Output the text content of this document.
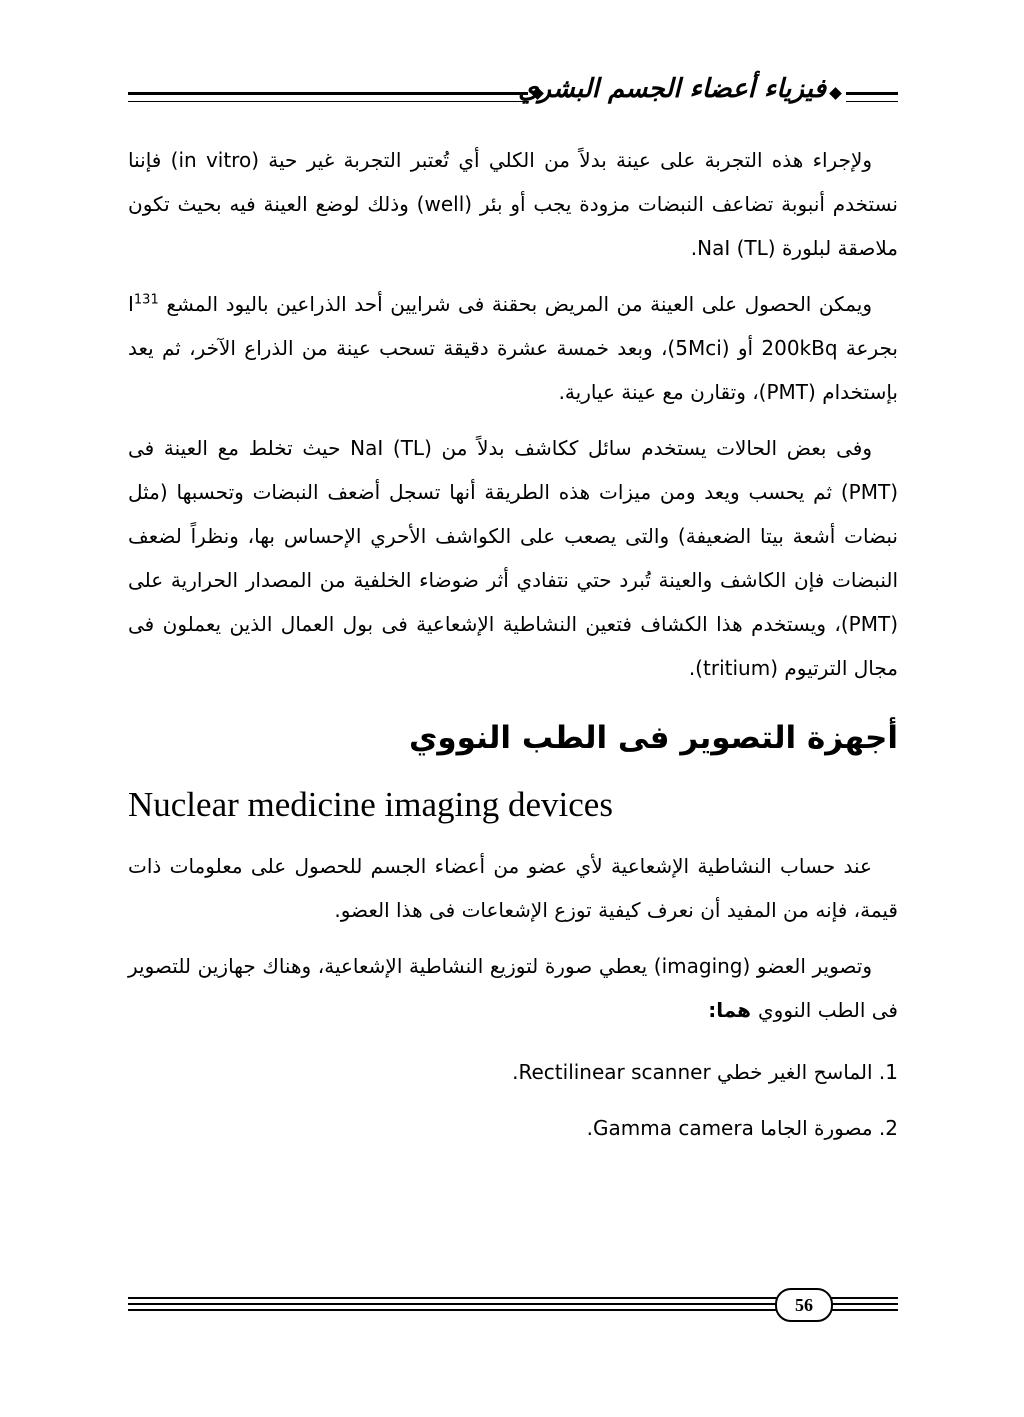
فيزياء أعضاء الجسم البشري

ولإجراء هذه التجربة على عينة بدلاً من الكلي أي تُعتبر التجربة غير حية (in vitro) فإننا نستخدم أنبوبة تضاعف النبضات مزودة يجب أو بئر (well) وذلك لوضع العينة فيه بحيث تكون ملاصقة لبلورة (NaI (TL.

ويمكن الحصول على العينة من المريض بحقنة فى شرايين أحد الذراعين باليود المشع $I^{131}$ بجرعة 200kBq أو (5Mci)، وبعد خمسة عشرة دقيقة تسحب عينة من الذراع الآخر، ثم يعد بإستخدام (PMT)، وتقارن مع عينة عيارية.

وفى بعض الحالات يستخدم سائل ككاشف بدلاً من NaI (TL) حيث تخلط مع العينة فى (PMT) ثم يحسب ويعد ومن ميزات هذه الطريقة أنها تسجل أضعف النبضات وتحسبها (مثل نبضات أشعة بيتا الضعيفة) والتى يصعب على الكواشف الأحري الإحساس بها، ونظراً لضعف النبضات فإن الكاشف والعينة تُبرد حتي نتفادي أثر ضوضاء الخلفية من المصدار الحرارية على (PMT)، ويستخدم هذا الكشاف فتعين النشاطية الإشعاعية فى بول العمال الذين يعملون فى مجال الترتيوم (tritium).

أجهزة التصوير فى الطب النووي
Nuclear medicine imaging devices

عند حساب النشاطية الإشعاعية لأي عضو من أعضاء الجسم للحصول على معلومات ذات قيمة، فإنه من المفيد أن نعرف كيفية توزع الإشعاعات فى هذا العضو.

وتصوير العضو (imaging) يعطي صورة لتوزيع النشاطية الإشعاعية، وهناك جهازين للتصوير فى الطب النووي هما:

1. الماسح الغير خطي Rectilinear scanner.

2. مصورة الجاما Gamma camera.

56
